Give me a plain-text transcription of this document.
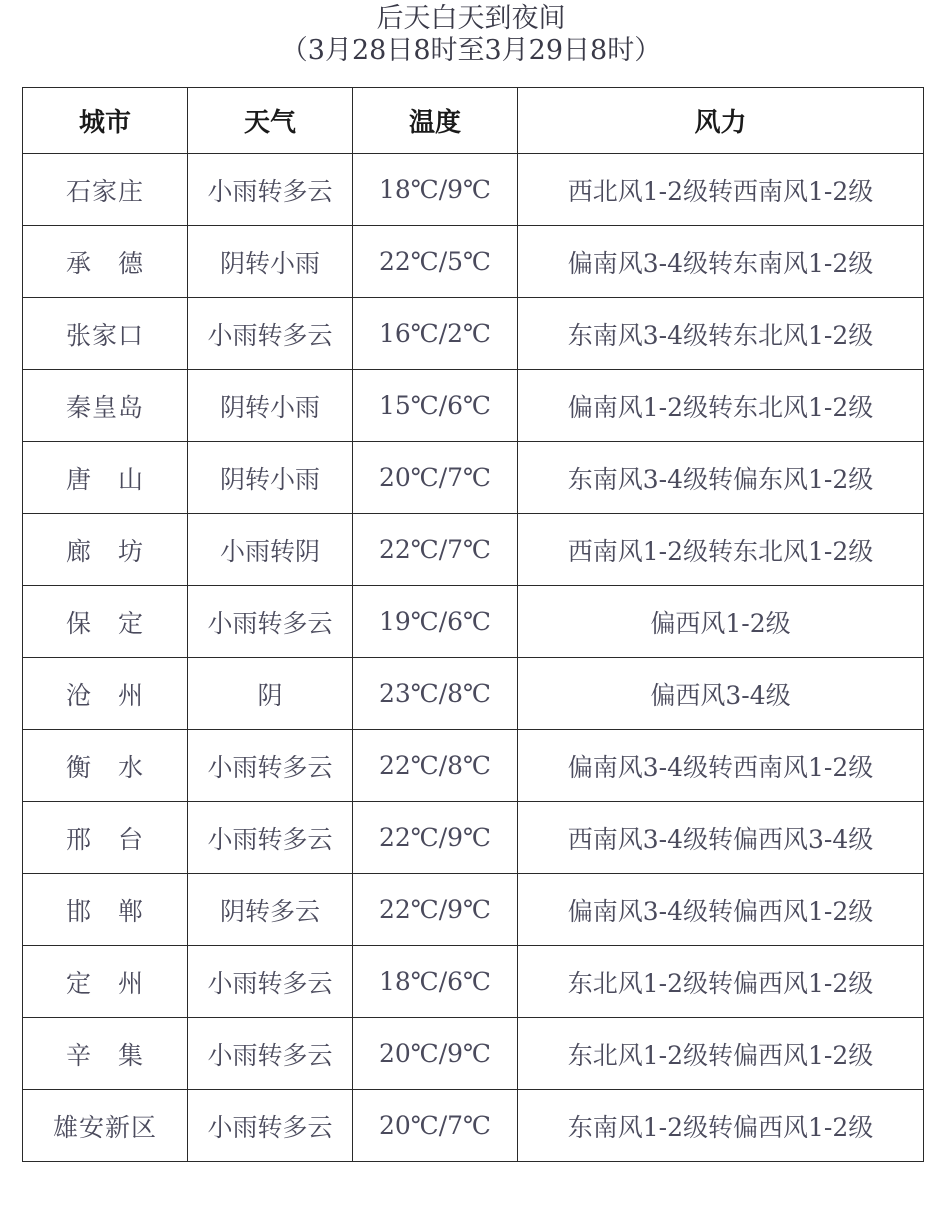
后天白天到夜间
（3月28日8时至3月29日8时）
城市	天气	温度	风力
石家庄	小雨转多云	18℃/9℃	西北风1-2级转西南风1-2级
承　德	阴转小雨	22℃/5℃	偏南风3-4级转东南风1-2级
张家口	小雨转多云	16℃/2℃	东南风3-4级转东北风1-2级
秦皇岛	阴转小雨	15℃/6℃	偏南风1-2级转东北风1-2级
唐　山	阴转小雨	20℃/7℃	东南风3-4级转偏东风1-2级
廊　坊	小雨转阴	22℃/7℃	西南风1-2级转东北风1-2级
保　定	小雨转多云	19℃/6℃	偏西风1-2级
沧　州	阴	23℃/8℃	偏西风3-4级
衡　水	小雨转多云	22℃/8℃	偏南风3-4级转西南风1-2级
邢　台	小雨转多云	22℃/9℃	西南风3-4级转偏西风3-4级
邯　郸	阴转多云	22℃/9℃	偏南风3-4级转偏西风1-2级
定　州	小雨转多云	18℃/6℃	东北风1-2级转偏西风1-2级
辛　集	小雨转多云	20℃/9℃	东北风1-2级转偏西风1-2级
雄安新区	小雨转多云	20℃/7℃	东南风1-2级转偏西风1-2级
